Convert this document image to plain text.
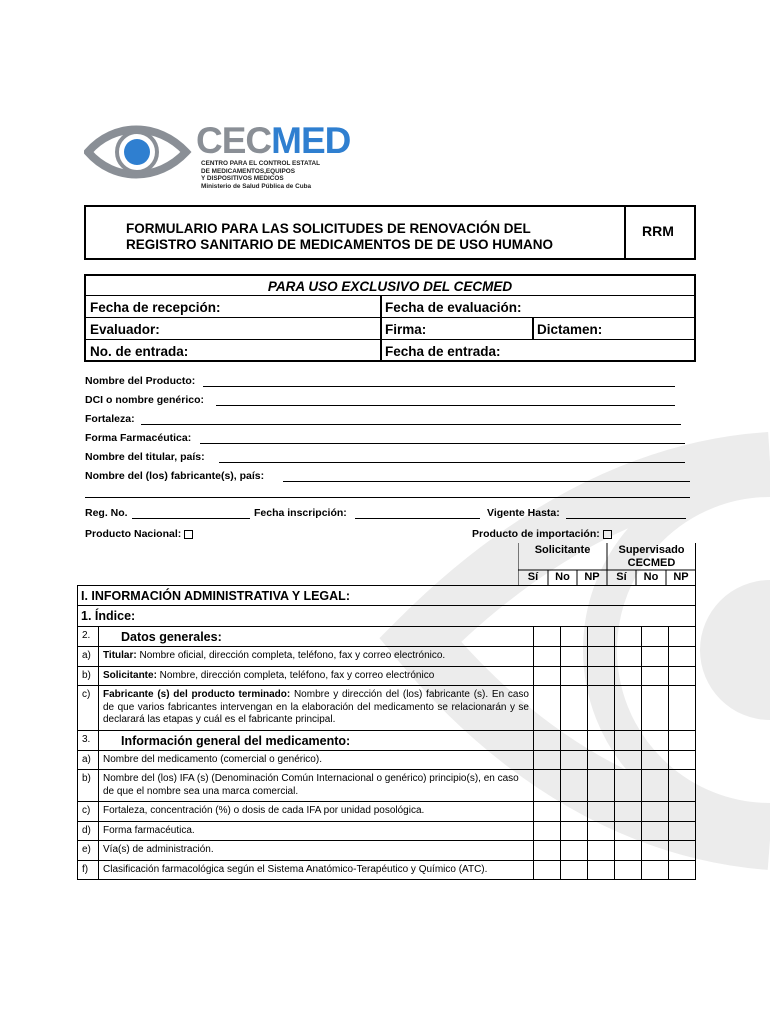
CECMED
CENTRO PARA EL CONTROL ESTATAL
DE MEDICAMENTOS,EQUIPOS
Y DISPOSITIVOS MEDICOS
Ministerio de Salud Pública de Cuba
FORMULARIO PARA LAS SOLICITUDES DE RENOVACIÓN DEL
REGISTRO SANITARIO DE MEDICAMENTOS DE DE USO HUMANO
RRM
PARA USO EXCLUSIVO DEL CECMED
Fecha de recepción:	Fecha de evaluación:
Evaluador:	Firma:	Dictamen:
No. de entrada:	Fecha de entrada:
Nombre del Producto:
DCI o nombre genérico:
Fortaleza:
Forma Farmacéutica:
Nombre del titular, país:
Nombre del (los) fabricante(s), país:
Reg. No.	Fecha inscripción:	Vigente Hasta:
Producto Nacional:	Producto de importación:
Solicitante	Supervisado
CECMED
Sí	No	NP	Sí	No	NP
I. INFORMACIÓN ADMINISTRATIVA Y LEGAL:							
1. Índice:							
2.	Datos generales:						
a)	Titular: Nombre oficial, dirección completa, teléfono, fax y correo electrónico.						
b)	Solicitante: Nombre, dirección completa, teléfono, fax y correo electrónico						
c)	Fabricante (s) del producto terminado: Nombre y dirección del (los) fabricante (s). En caso de que varios fabricantes intervengan en la elaboración del medicamento se relacionarán y se declarará las etapas y cuál es el fabricante principal.						
3.	Información general del medicamento:						
a)	Nombre del medicamento (comercial o genérico).						
b)	Nombre del (los) IFA (s) (Denominación Común Internacional o genérico) principio(s), en caso de que el nombre sea una marca comercial.						
c)	Fortaleza, concentración (%) o dosis de cada IFA por unidad posológica.						
d)	Forma farmacéutica.						
e)	Vía(s) de administración.						
f)	Clasificación farmacológica según el Sistema Anatómico-Terapéutico y Químico (ATC).						
